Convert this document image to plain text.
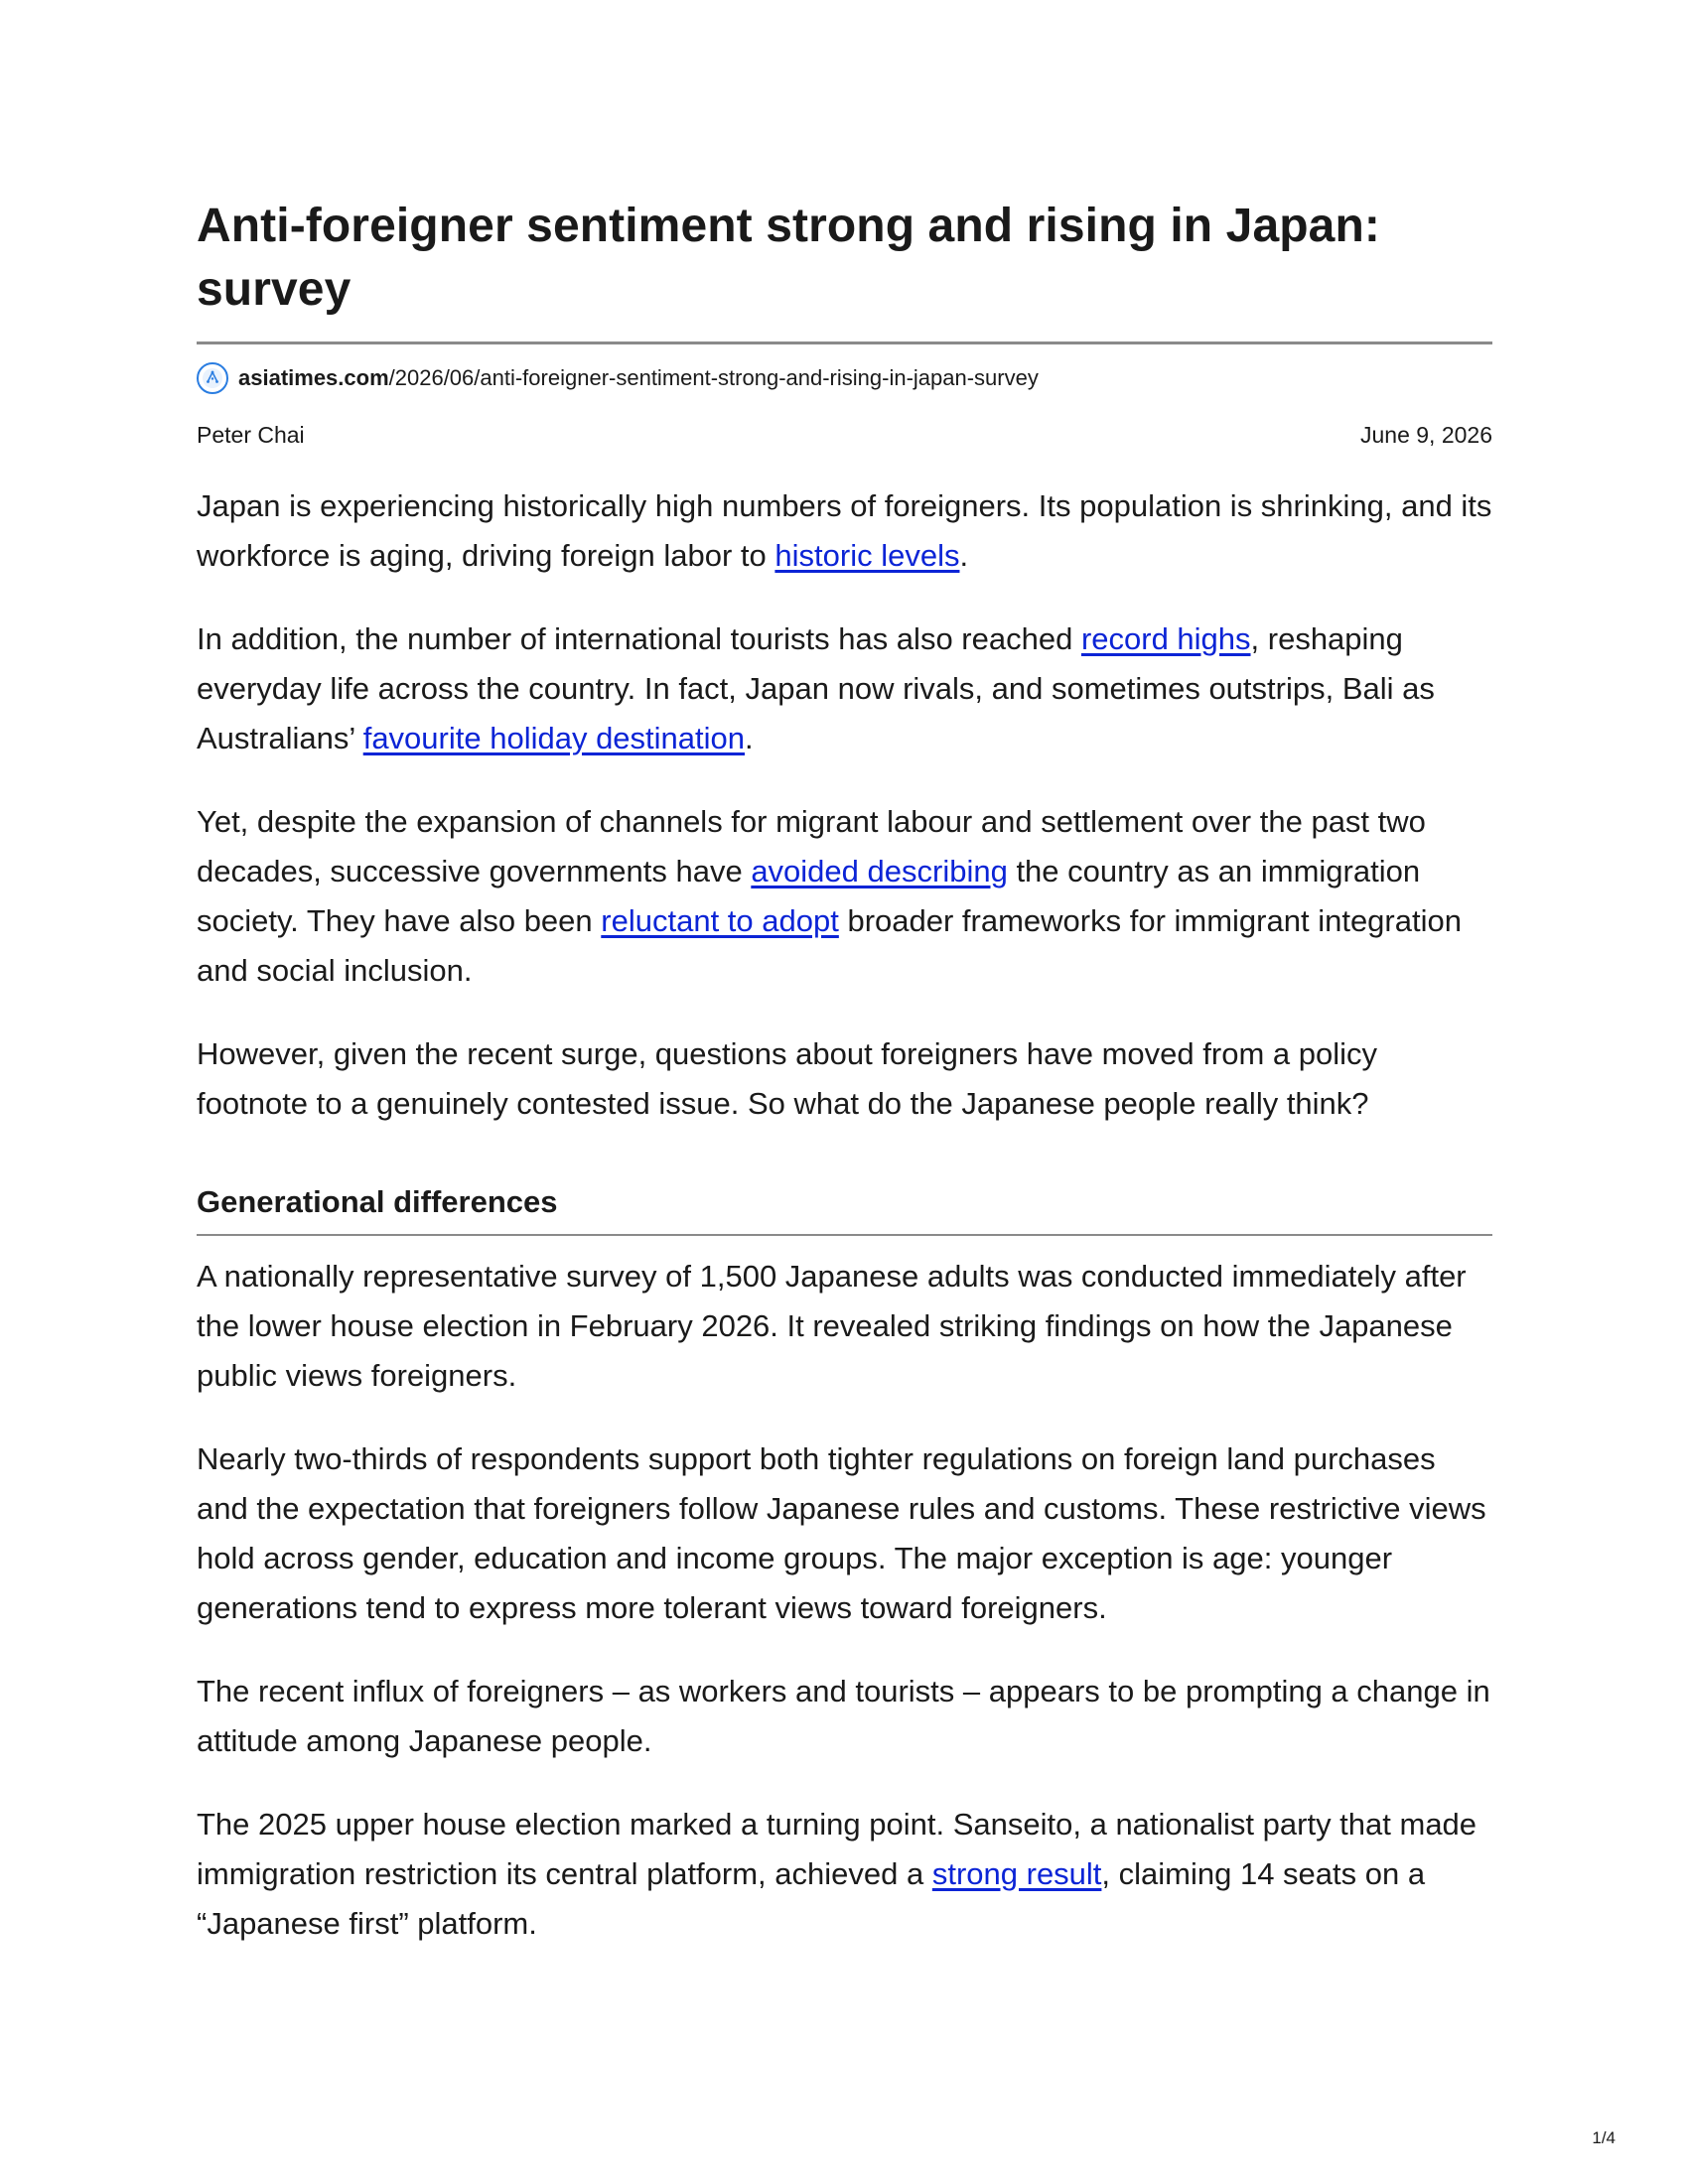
Anti-foreigner sentiment strong and rising in Japan: survey
asiatimes.com /2026/06/anti-foreigner-sentiment-strong-and-rising-in-japan-survey
Peter Chai	June 9, 2026

Japan is experiencing historically high numbers of foreigners. Its population is shrinking, and its workforce is aging, driving foreign labor to historic levels.

In addition, the number of international tourists has also reached record highs, reshaping everyday life across the country. In fact, Japan now rivals, and sometimes outstrips, Bali as Australians’ favourite holiday destination.

Yet, despite the expansion of channels for migrant labour and settlement over the past two decades, successive governments have avoided describing the country as an immigration society. They have also been reluctant to adopt broader frameworks for immigrant integration and social inclusion.

However, given the recent surge, questions about foreigners have moved from a policy footnote to a genuinely contested issue. So what do the Japanese people really think?

Generational differences

A nationally representative survey of 1,500 Japanese adults was conducted immediately after the lower house election in February 2026. It revealed striking findings on how the Japanese public views foreigners.

Nearly two-thirds of respondents support both tighter regulations on foreign land purchases and the expectation that foreigners follow Japanese rules and customs. These restrictive views hold across gender, education and income groups. The major exception is age: younger generations tend to express more tolerant views toward foreigners.

The recent influx of foreigners – as workers and tourists – appears to be prompting a change in attitude among Japanese people.

The 2025 upper house election marked a turning point. Sanseito, a nationalist party that made immigration restriction its central platform, achieved a strong result, claiming 14 seats on a “Japanese first” platform.

1/4
